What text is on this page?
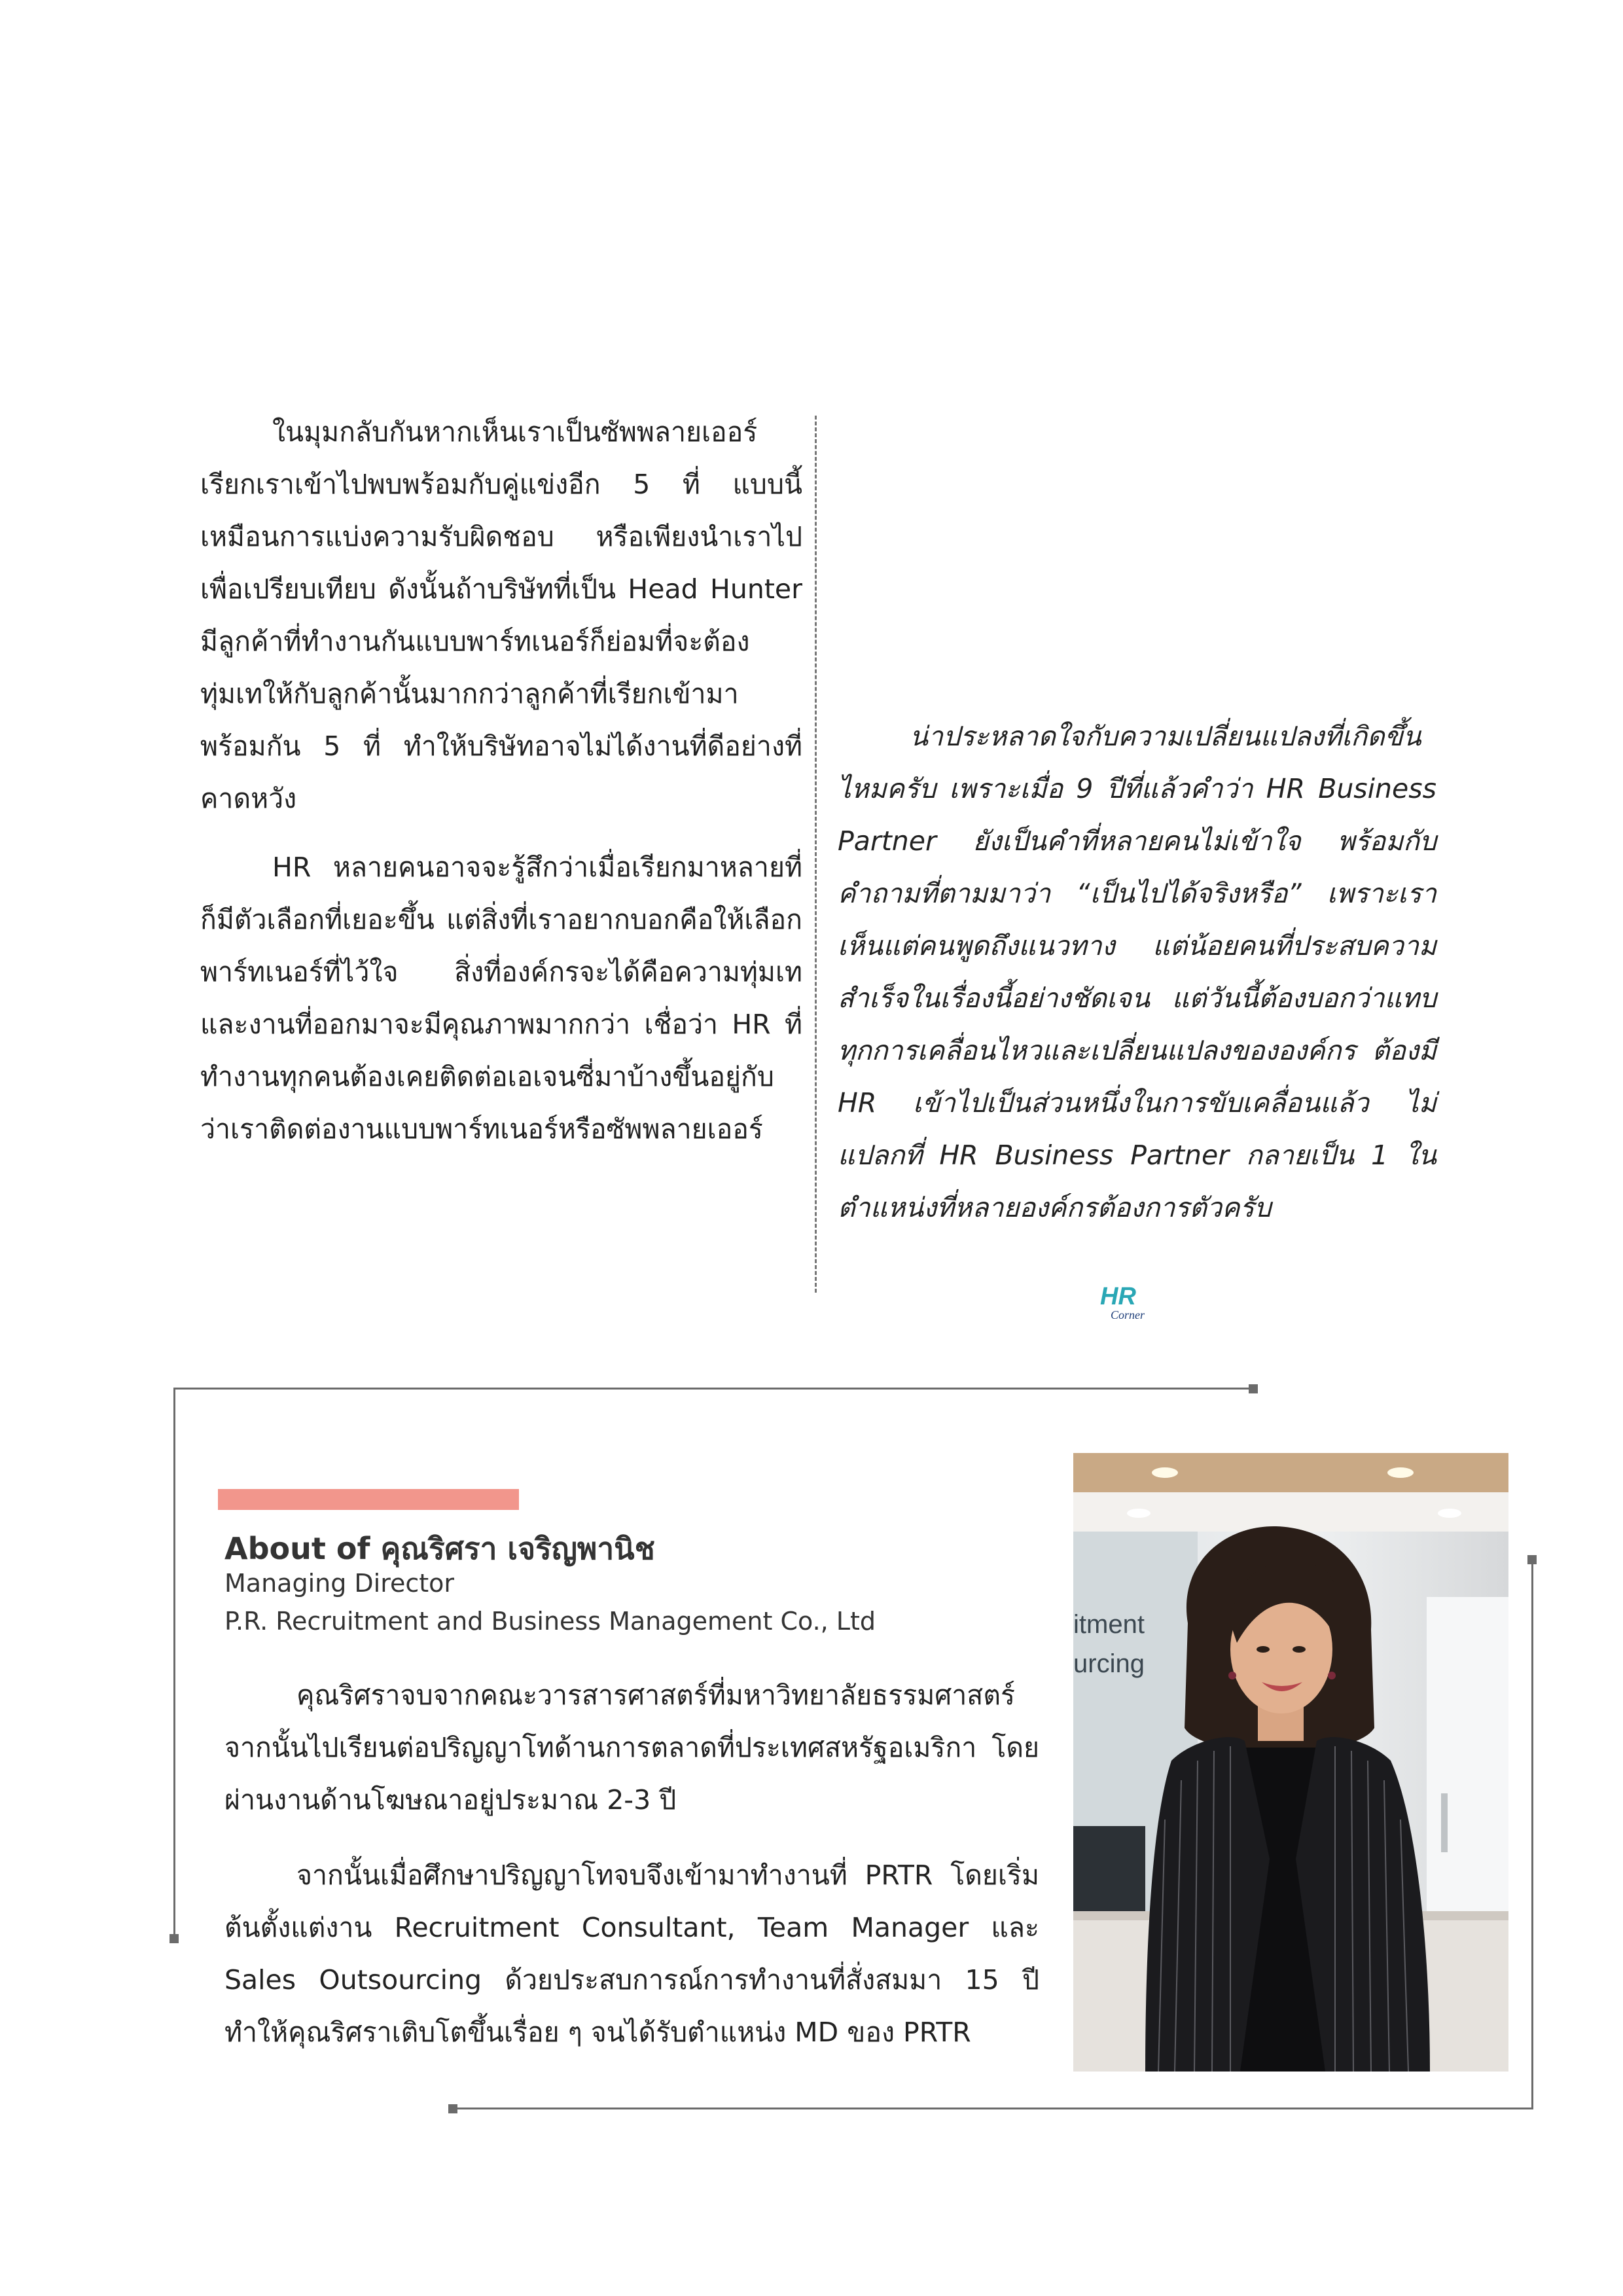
ในมุมกลับกันหากเห็นเราเป็นซัพพลายเออร์เรียกเราเข้าไปพบพร้อมกับคู่แข่งอีก 5 ที่ แบบนี้เหมือนการแบ่งความรับผิดชอบ หรือเพียงนำเราไปเพื่อเปรียบเทียบ ดังนั้นถ้าบริษัทที่เป็น Head Hunter มีลูกค้าที่ทำงานกันแบบพาร์ทเนอร์ก็ย่อมที่จะต้องทุ่มเทให้กับลูกค้านั้นมากกว่าลูกค้าที่เรียกเข้ามาพร้อมกัน 5 ที่ ทำให้บริษัทอาจไม่ได้งานที่ดีอย่างที่คาดหวัง

HR หลายคนอาจจะรู้สึกว่าเมื่อเรียกมาหลายที่ก็มีตัวเลือกที่เยอะขึ้น แต่สิ่งที่เราอยากบอกคือให้เลือกพาร์ทเนอร์ที่ไว้ใจ สิ่งที่องค์กรจะได้คือความทุ่มเทและงานที่ออกมาจะมีคุณภาพมากกว่า เชื่อว่า HR ที่ทำงานทุกคนต้องเคยติดต่อเอเจนซี่มาบ้างขึ้นอยู่กับว่าเราติดต่องานแบบพาร์ทเนอร์หรือซัพพลายเออร์

น่าประหลาดใจกับความเปลี่ยนแปลงที่เกิดขึ้นไหมครับ เพราะเมื่อ 9 ปีที่แล้วคำว่า HR Business Partner ยังเป็นคำที่หลายคนไม่เข้าใจ พร้อมกับคำถามที่ตามมาว่า “เป็นไปได้จริงหรือ” เพราะเราเห็นแต่คนพูดถึงแนวทาง แต่น้อยคนที่ประสบความสำเร็จในเรื่องนี้อย่างชัดเจน แต่วันนี้ต้องบอกว่าแทบทุกการเคลื่อนไหวและเปลี่ยนแปลงขององค์กร ต้องมี HR เข้าไปเป็นส่วนหนึ่งในการขับเคลื่อนแล้ว ไม่แปลกที่ HR Business Partner กลายเป็น 1 ในตำแหน่งที่หลายองค์กรต้องการตัวครับ

HR
Corner
About of คุณริศรา เจริญพานิช

Managing Director

P.R. Recruitment and Business Management Co., Ltd

คุณริศราจบจากคณะวารสารศาสตร์ที่มหาวิทยาลัยธรรมศาสตร์ จากนั้นไปเรียนต่อปริญญาโทด้านการตลาดที่ประเทศสหรัฐอเมริกา โดยผ่านงานด้านโฆษณาอยู่ประมาณ 2-3 ปี

จากนั้นเมื่อศึกษาปริญญาโทจบจึงเข้ามาทำงานที่ PRTR โดยเริ่มต้นตั้งแต่งาน Recruitment Consultant, Team Manager และ Sales Outsourcing ด้วยประสบการณ์การทำงานที่สั่งสมมา 15 ปี ทำให้คุณริศราเติบโตขึ้นเรื่อย ๆ จนได้รับตำแหน่ง MD ของ PRTR

itment
urcing
